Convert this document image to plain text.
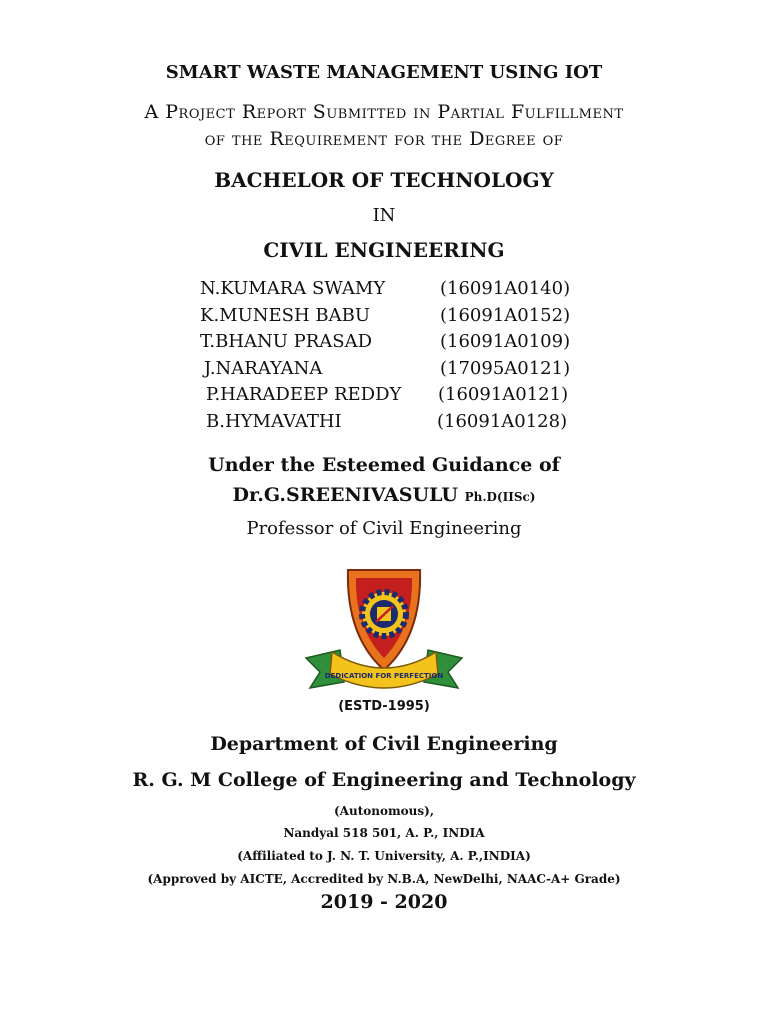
SMART WASTE MANAGEMENT USING IOT
A Project Report Submitted in Partial Fulfillment
of the Requirement for the Degree of
BACHELOR OF TECHNOLOGY
IN
CIVIL ENGINEERING
N.KUMARA SWAMY	(16091A0140)
K.MUNESH BABU	(16091A0152)
T.BHANU PRASAD	(16091A0109)
J.NARAYANA	(17095A0121)
P.HARADEEP REDDY (16091A0121)
B.HYMAVATHI	(16091A0128)
Under the Esteemed Guidance of
Dr.G.SREENIVASULU Ph.D(IISc)
Professor of Civil Engineering
DEDICATION FOR PERFECTION
(ESTD-1995)
Department of Civil Engineering
R. G. M College of Engineering and Technology
(Autonomous),
Nandyal 518 501, A. P., INDIA
(Affiliated to J. N. T. University, A. P.,INDIA)
(Approved by AICTE, Accredited by N.B.A, NewDelhi, NAAC-A+ Grade)
2019 - 2020
